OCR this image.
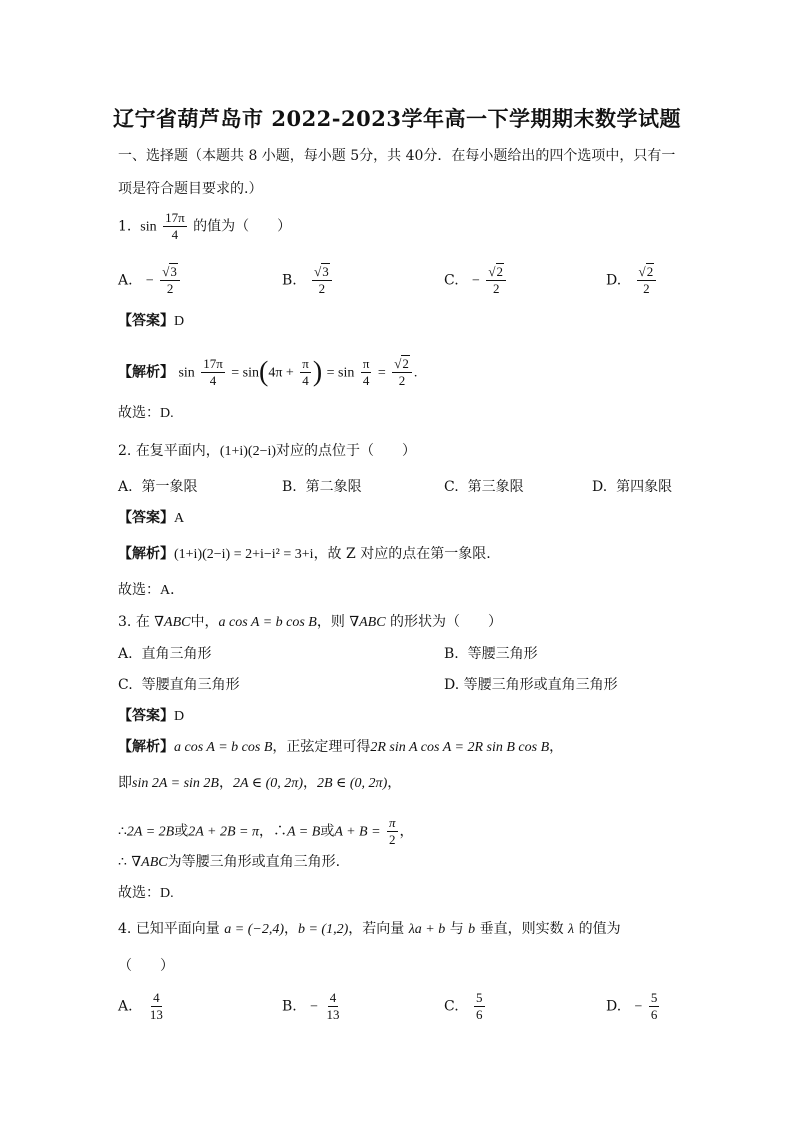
辽宁省葫芦岛市 2022-2023学年高一下学期期末数学试题
一、选择题（本题共 8 小题，每小题 5分，共 40分．在每小题给出的四个选项中，只有一
项是符合题目要求的.）
1. $\sin \frac{17\pi}{4}$ 的值为（　　）
A. − $\frac{√3}{2}$	B. $\frac{√3}{2}$	C. − $\frac{√2}{2}$	D. $\frac{√2}{2}$
【答案】D
【解析】 $\sin \frac{17\pi}{4} = \sin(4\pi + \frac{\pi}{4}$ ) = $\sin \frac{\pi}{4} = \frac{√2}{2}$ .
故选：D.
2. 在复平面内，(1+i)(2−i)对应的点位于（　　）
A. 第一象限	B. 第二象限	C. 第三象限	D. 第四象限
【答案】A
【解析】(1+i)(2−i) = 2+i−i² = 3+i，故 Z 对应的点在第一象限.
故选：A．
3. 在 ∇ABC中，a cos A = b cos B，则 ∇ABC 的形状为（　　）
A. 直角三角形	B. 等腰三角形
C. 等腰直角三角形	D. 等腰三角形或直角三角形
【答案】D
【解析】a cos A = b cos B，正弦定理可得2R sin A cos A = 2R sin B cos B，
即sin 2A = sin 2B，2A ∈ (0, 2π)，2B ∈ (0, 2π)，
∴2A = 2B或2A + 2B = π，∴A = B或$A + B = \frac{\pi}{2}$ ，
∴ ∇ABC为等腰三角形或直角三角形.
故选：D.
4. 已知平面向量 a = (−2,4)，b = (1,2)，若向量 λa + b 与 b 垂直，则实数 λ 的值为
（　　）
A. $\frac{4}{13}$	B. − $\frac{4}{13}$	C. $\frac{5}{6}$	D. − $\frac{5}{6}$
